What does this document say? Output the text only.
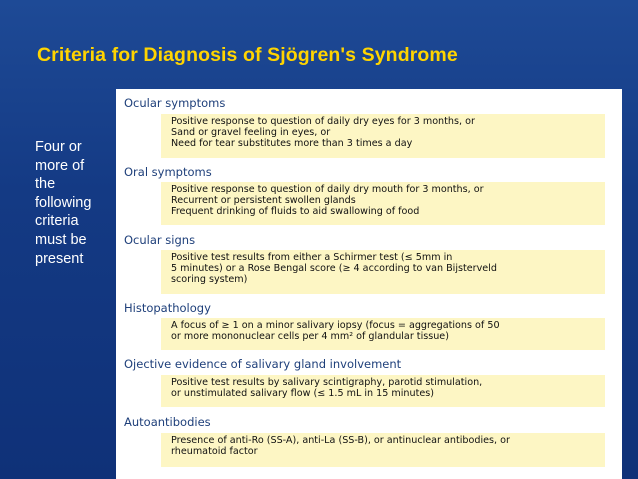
Criteria for Diagnosis of Sjögren's Syndrome
Four or
more of
the
following
criteria
must be
present
Ocular symptoms
Positive response to question of daily dry eyes for 3 months, or
Sand or gravel feeling in eyes, or
Need for tear substitutes more than 3 times a day
Oral symptoms
Positive response to question of daily dry mouth for 3 months, or
Recurrent or persistent swollen glands
Frequent drinking of fluids to aid swallowing of food
Ocular signs
Positive test results from either a Schirmer test (≤ 5mm in
5 minutes) or a Rose Bengal score (≥ 4 according to van Bijsterveld
scoring system)
Histopathology
A focus of ≥ 1 on a minor salivary iopsy (focus = aggregations of 50
or more mononuclear cells per 4 mm² of glandular tissue)
Ojective evidence of salivary gland involvement
Positive test results by salivary scintigraphy, parotid stimulation,
or unstimulated salivary flow (≤ 1.5 mL in 15 minutes)
Autoantibodies
Presence of anti-Ro (SS-A), anti-La (SS-B), or antinuclear antibodies, or
rheumatoid factor
